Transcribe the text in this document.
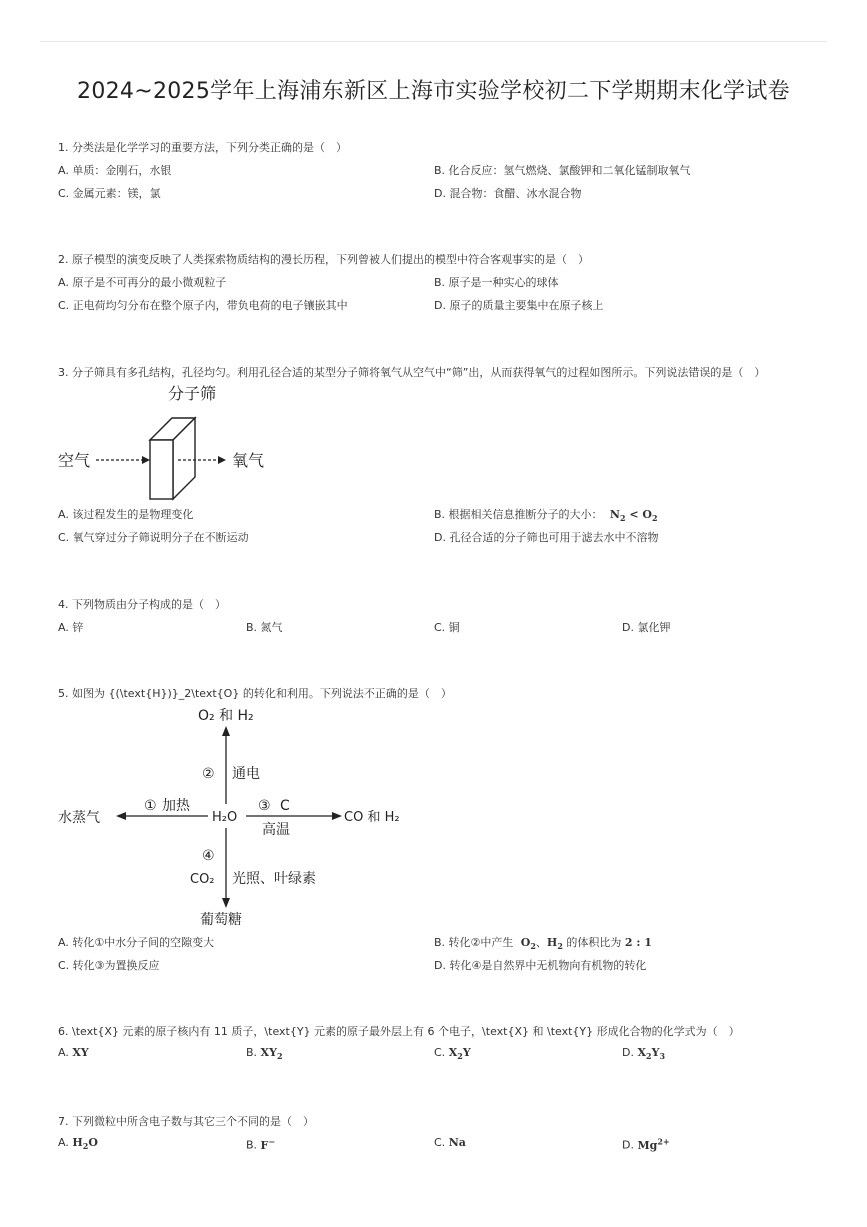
2024~2025学年上海浦东新区上海市实验学校初二下学期期末化学试卷
1. 分类法是化学学习的重要方法，下列分类正确的是（　）
A. 单质：金刚石，水银	B. 化合反应：氢气燃烧、氯酸钾和二氧化锰制取氧气
C. 金属元素：镁，氯	D. 混合物：食醋、冰水混合物
2. 原子模型的演变反映了人类探索物质结构的漫长历程，下列曾被人们提出的模型中符合客观事实的是（　）
A. 原子是不可再分的最小微观粒子	B. 原子是一种实心的球体
C. 正电荷均匀分布在整个原子内，带负电荷的电子镶嵌其中	D. 原子的质量主要集中在原子核上
3. 分子筛具有多孔结构，孔径均匀。利用孔径合适的某型分子筛将氧气从空气中“筛”出，从而获得氧气的过程如图所示。下列说法错误的是（　）
分子筛
空气	氧气
A. 该过程发生的是物理变化	B. 根据相关信息推断分子的大小： $N_2 < O_2$
C. 氧气穿过分子筛说明分子在不断运动	D. 孔径合适的分子筛也可用于滤去水中不溶物
4. 下列物质由分子构成的是（　）
A. 锌	B. 氮气	C. 铜	D. 氯化钾
5. 如图为 {(\text{H})}_2\text{O} 的转化和利用。下列说法不正确的是（　）
O₂ 和 H₂
② 通电
H₂O
水蒸气
① 加热	③ C
高温
CO 和 H₂
④
CO₂ 光照、叶绿素
葡萄糖
A. 转化①中水分子间的空隙变大	B. 转化②中产生 $O_2$、$H_2$ 的体积比为 2 : 1
C. 转化③为置换反应	D. 转化④是自然界中无机物向有机物的转化
6. \text{X} 元素的原子核内有 11 质子，\text{Y} 元素的原子最外层上有 6 个电子，\text{X} 和 \text{Y} 形成化合物的化学式为（　）
A. XY	B. $XY_2$	C. $X_2Y$	D. $X_2Y_3$
7. 下列微粒中所含电子数与其它三个不同的是（　）
A. $H_2O$	B. F−	C. Na	D. $Mg^{2+}$
